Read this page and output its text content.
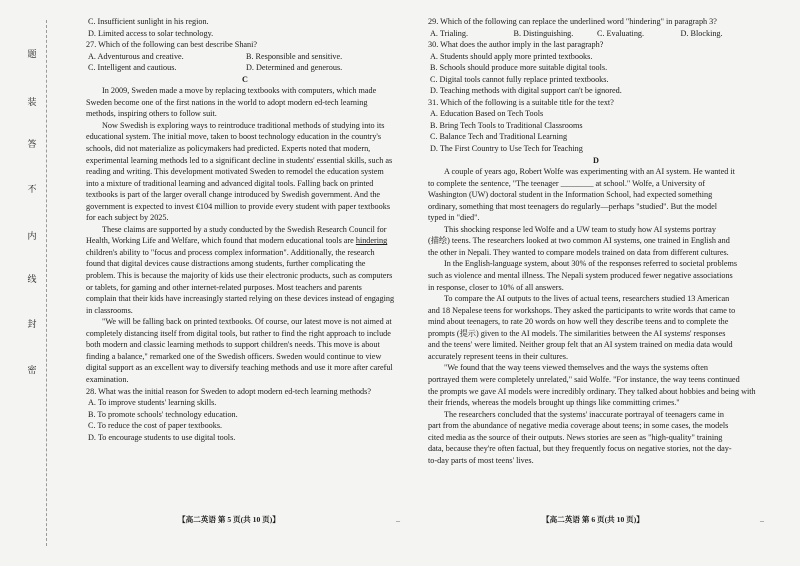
题
装
答
不
内
线
封
密
C. Insufficient sunlight in his region.
D. Limited access to solar technology.
27. Which of the following can best describe Shani?
A. Adventurous and creative.	B. Responsible and sensitive.
C. Intelligent and cautious.	D. Determined and generous.
C
In 2009, Sweden made a move by replacing textbooks with computers, which made
Sweden become one of the first nations in the world to adopt modern ed-tech learning
methods, inspiring others to follow suit.
Now Swedish is exploring ways to reintroduce traditional methods of studying into its
educational system. The initial move, taken to boost technology education in the country's
schools, did not materialize as policymakers had predicted. Experts noted that modern,
experimental learning methods led to a significant decline in students' essential skills, such as
reading and writing. This development motivated Sweden to remodel the education system
into a mixture of traditional learning and advanced digital tools. Falling back on printed
textbooks is part of the larger overall change introduced by Swedish government. And the
government is expected to invest €104 million to provide every student with paper textbooks
for each subject by 2025.
These claims are supported by a study conducted by the Swedish Research Council for
Health, Working Life and Welfare, which found that modern educational tools are hindering
children's ability to "focus and process complex information". Additionally, the research
found that digital devices cause distractions among students, further complicating the
problem. This is because the majority of kids use their electronic products, such as computers
or tablets, for gaming and other internet-related purposes. Most teachers and parents
complain that their kids have increasingly started relying on these devices instead of engaging
in classrooms.
"We will be falling back on printed textbooks. Of course, our latest move is not aimed at
completely distancing itself from digital tools, but rather to find the right approach to include
both modern and classic learning methods to support children's needs. This move is about
finding a balance," remarked one of the Swedish officers. Sweden would continue to view
digital support as an excellent way to diversify teaching methods and use it more after careful
examination.
28. What was the initial reason for Sweden to adopt modern ed-tech learning methods?
A. To improve students' learning skills.
B. To promote schools' technology education.
C. To reduce the cost of paper textbooks.
D. To encourage students to use digital tools.
【高二英语 第 5 页(共 10 页)】	–
29. Which of the following can replace the underlined word "hindering" in paragraph 3?
A. Trialing.	B. Distinguishing.	C. Evaluating.	D. Blocking.
30. What does the author imply in the last paragraph?
A. Students should apply more printed textbooks.
B. Schools should produce more suitable digital tools.
C. Digital tools cannot fully replace printed textbooks.
D. Teaching methods with digital support can't be ignored.
31. Which of the following is a suitable title for the text?
A. Education Based on Tech Tools
B. Bring Tech Tools to Traditional Classrooms
C. Balance Tech and Traditional Learning
D. The First Country to Use Tech for Teaching
D
A couple of years ago, Robert Wolfe was experimenting with an AI system. He wanted it
to complete the sentence, "The teenager ________ at school." Wolfe, a University of
Washington (UW) doctoral student in the Information School, had expected something
ordinary, something that most teenagers do regularly—perhaps "studied". But the model
typed in "died".
This shocking response led Wolfe and a UW team to study how AI systems portray
(描绘) teens. The researchers looked at two common AI systems, one trained in English and
the other in Nepali. They wanted to compare models trained on data from different cultures.
In the English-language system, about 30% of the responses referred to societal problems
such as violence and mental illness. The Nepali system produced fewer negative associations
in response, closer to 10% of all answers.
To compare the AI outputs to the lives of actual teens, researchers studied 13 American
and 18 Nepalese teens for workshops. They asked the participants to write words that came to
mind about teenagers, to rate 20 words on how well they describe teens and to complete the
prompts (提示) given to the AI models. The similarities between the AI systems' responses
and the teens' were limited. Neither group felt that an AI system trained on media data would
accurately represent teens in their cultures.
"We found that the way teens viewed themselves and the ways the systems often
portrayed them were completely unrelated," said Wolfe. "For instance, the way teens continued
the prompts we gave AI models were incredibly ordinary. They talked about hobbies and being with
their friends, whereas the models brought up things like committing crimes."
The researchers concluded that the systems' inaccurate portrayal of teenagers came in
part from the abundance of negative media coverage about teens; in some cases, the models
cited media as the source of their outputs. News stories are seen as "high-quality" training
data, because they're often factual, but they frequently focus on negative stories, not the day-
to-day parts of most teens' lives.
【高二英语 第 6 页(共 10 页)】	–
